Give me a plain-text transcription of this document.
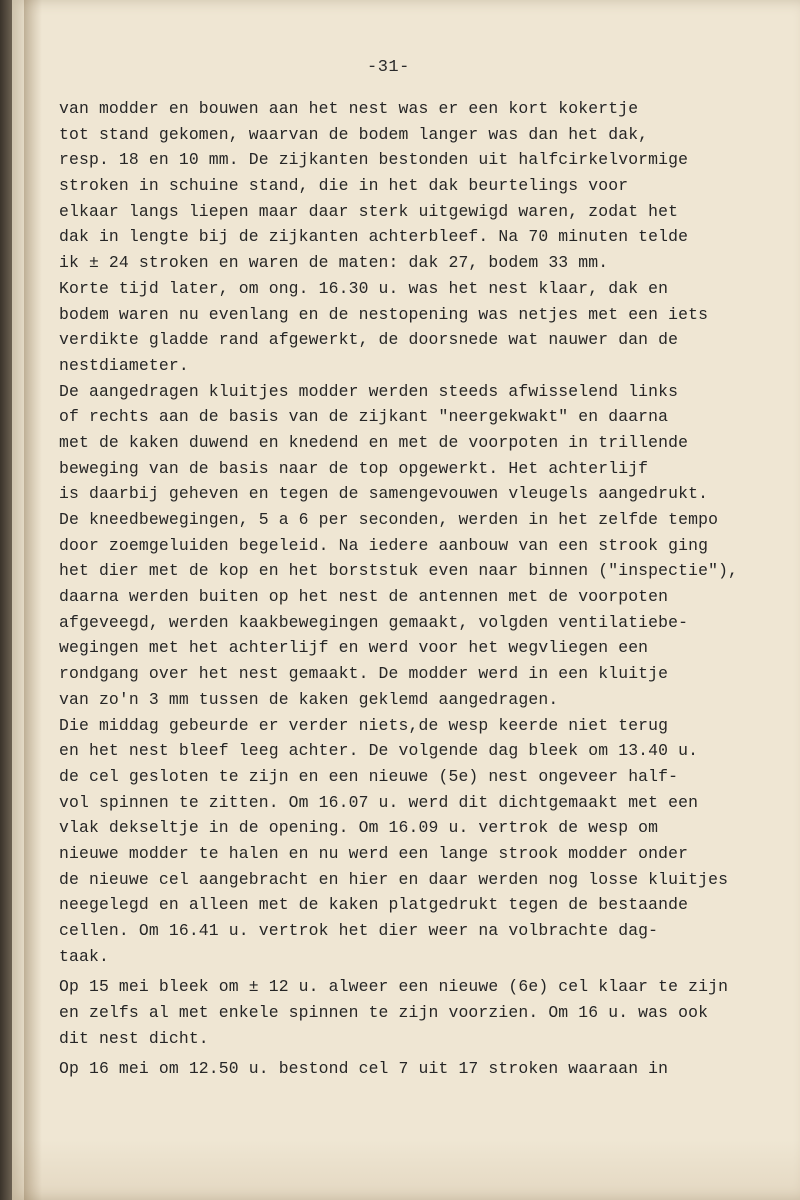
-31-
van modder en bouwen aan het nest was er een kort kokertje
tot stand gekomen, waarvan de bodem langer was dan het dak,
resp. 18 en 10 mm. De zijkanten bestonden uit halfcirkelvormige
stroken in schuine stand, die in het dak beurtelings voor
elkaar langs liepen maar daar sterk uitgewigd waren, zodat het
dak in lengte bij de zijkanten achterbleef. Na 70 minuten telde
ik ± 24 stroken en waren de maten: dak 27, bodem 33 mm.
Korte tijd later, om ong. 16.30 u. was het nest klaar, dak en
bodem waren nu evenlang en de nestopening was netjes met een iets
verdikte gladde rand afgewerkt, de doorsnede wat nauwer dan de
nestdiameter.
De aangedragen kluitjes modder werden steeds afwisselend links
of rechts aan de basis van de zijkant "neergekwakt" en daarna
met de kaken duwend en knedend en met de voorpoten in trillende
beweging van de basis naar de top opgewerkt. Het achterlijf
is daarbij geheven en tegen de samengevouwen vleugels aangedrukt.
De kneedbewegingen, 5 a 6 per seconden, werden in het zelfde tempo
door zoemgeluiden begeleid. Na iedere aanbouw van een strook ging
het dier met de kop en het borststuk even naar binnen ("inspectie"),
daarna werden buiten op het nest de antennen met de voorpoten
afgeveegd, werden kaakbewegingen gemaakt, volgden ventilatiebe-
wegingen met het achterlijf en werd voor het wegvliegen een
rondgang over het nest gemaakt. De modder werd in een kluitje
van zo'n 3 mm tussen de kaken geklemd aangedragen.
Die middag gebeurde er verder niets,de wesp keerde niet terug
en het nest bleef leeg achter. De volgende dag bleek om 13.40 u.
de cel gesloten te zijn en een nieuwe (5e) nest ongeveer half-
vol spinnen te zitten. Om 16.07 u. werd dit dichtgemaakt met een
vlak dekseltje in de opening. Om 16.09 u. vertrok de wesp om
nieuwe modder te halen en nu werd een lange strook modder onder
de nieuwe cel aangebracht en hier en daar werden nog losse kluitjes
neegelegd en alleen met de kaken platgedrukt tegen de bestaande
cellen. Om 16.41 u. vertrok het dier weer na volbrachte dag-
taak.
Op 15 mei bleek om ± 12 u. alweer een nieuwe (6e) cel klaar te zijn
en zelfs al met enkele spinnen te zijn voorzien. Om 16 u. was ook
dit nest dicht.
Op 16 mei om 12.50 u. bestond cel 7 uit 17 stroken waaraan in
